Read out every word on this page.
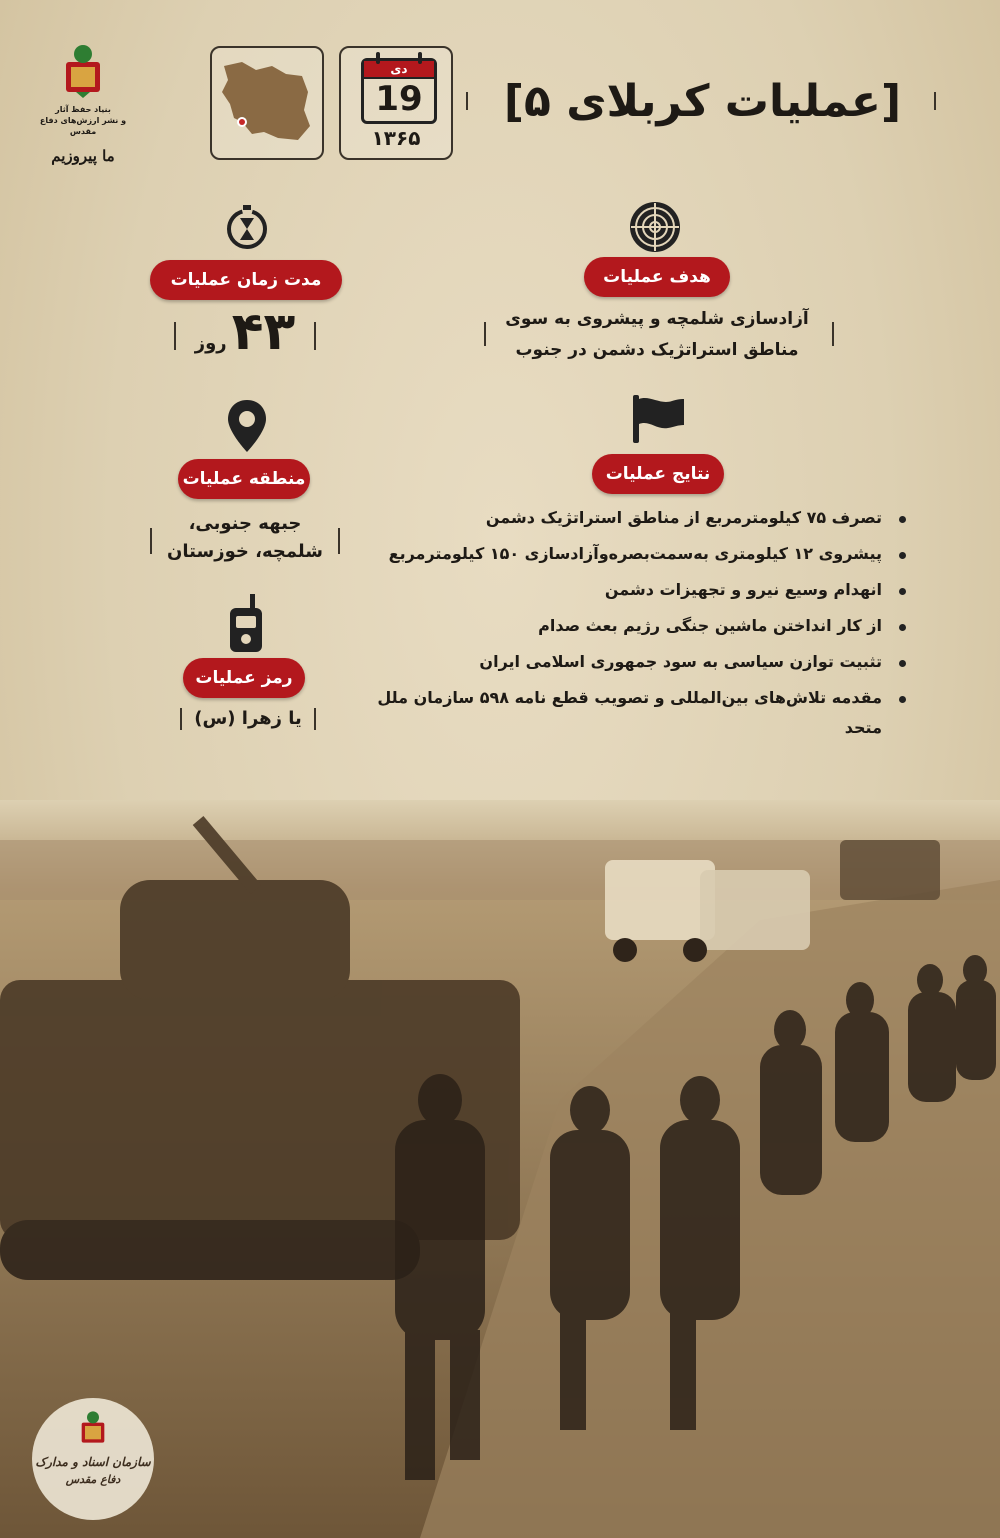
بنیاد حفظ آثار
و نشر ارزش‌های دفاع مقدس
ما پیروزیم
دی
19
۱۳۶۵
[عملیات کربلای ۵]
مدت زمان عملیات
۴۳ روز
منطقه عملیات
جبهه جنوبی،
شلمچه، خوزستان
رمز عملیات
یا زهرا (س)
هدف عملیات
آزادسازی شلمچه و پیشروی به سوی
مناطق استراتژیک دشمن در جنوب
نتایج عملیات
تصرف ۷۵ کیلومترمربع از مناطق استراتژیک دشمن
پیشروی ۱۲ کیلومتری به‌سمت‌بصره‌وآزادسازی ۱۵۰ کیلومترمربع
انهدام وسیع نیرو و تجهیزات دشمن
از کار انداختن ماشین جنگی رژیم بعث صدام
تثبیت توازن سیاسی به سود جمهوری اسلامی ایران
مقدمه تلاش‌های بین‌المللی و تصویب قطع نامه ۵۹۸ سازمان ملل متحد
سازمان اسناد و مدارک
دفاع مقدس
